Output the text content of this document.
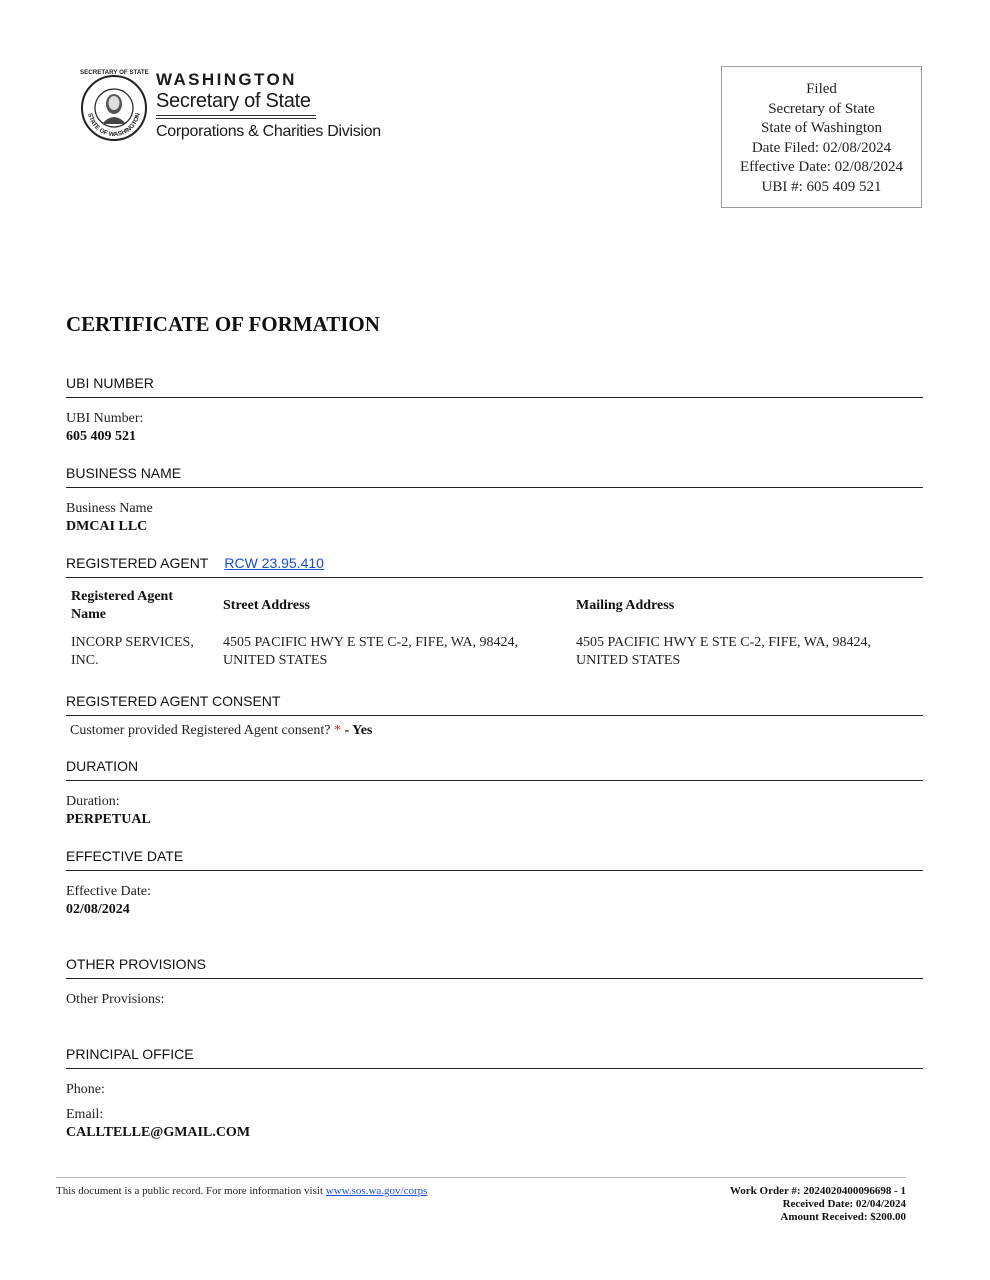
SECRETARY OF STATE
STATE OF WASHINGTON
WASHINGTON
Secretary of State
Corporations & Charities Division
Filed
Secretary of State
State of Washington
Date Filed: 02/08/2024
Effective Date: 02/08/2024
UBI #: 605 409 521
CERTIFICATE OF FORMATION
UBI NUMBER
UBI Number:
605 409 521
BUSINESS NAME
Business Name
DMCAI LLC
REGISTERED AGENT RCW 23.95.410
Registered Agent Name
Street Address	Mailing Address
INCORP SERVICES, INC.
4505 PACIFIC HWY E STE C-2, FIFE, WA, 98424, UNITED STATES
4505 PACIFIC HWY E STE C-2, FIFE, WA, 98424, UNITED STATES
REGISTERED AGENT CONSENT
Customer provided Registered Agent consent? * - Yes
DURATION
Duration:
PERPETUAL
EFFECTIVE DATE
Effective Date:
02/08/2024
OTHER PROVISIONS
Other Provisions:
PRINCIPAL OFFICE
Phone:
Email:
CALLTELLE@GMAIL.COM
This document is a public record. For more information visit www.sos.wa.gov/corps	Work Order #: 2024020400096698 - 1
Received Date: 02/04/2024
Amount Received: $200.00
